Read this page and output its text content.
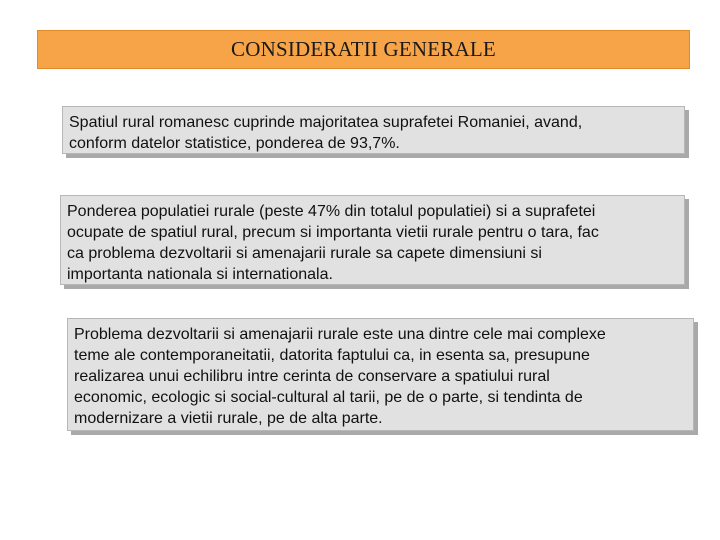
CONSIDERATII GENERALE

Spatiul rural romanesc cuprinde majoritatea suprafetei Romaniei, avand,
conform datelor statistice, ponderea de 93,7%.

Ponderea populatiei rurale (peste 47% din totalul populatiei) si a suprafetei
ocupate de spatiul rural, precum si importanta vietii rurale pentru o tara, fac
ca problema dezvoltarii si amenajarii rurale sa capete dimensiuni si
importanta nationala si internationala.

Problema dezvoltarii si amenajarii rurale este una dintre cele mai complexe
teme ale contemporaneitatii, datorita faptului ca, in esenta sa, presupune
realizarea unui echilibru intre cerinta de conservare a spatiului rural
economic, ecologic si social-cultural al tarii, pe de o parte, si tendinta de
modernizare a vietii rurale, pe de alta parte.
